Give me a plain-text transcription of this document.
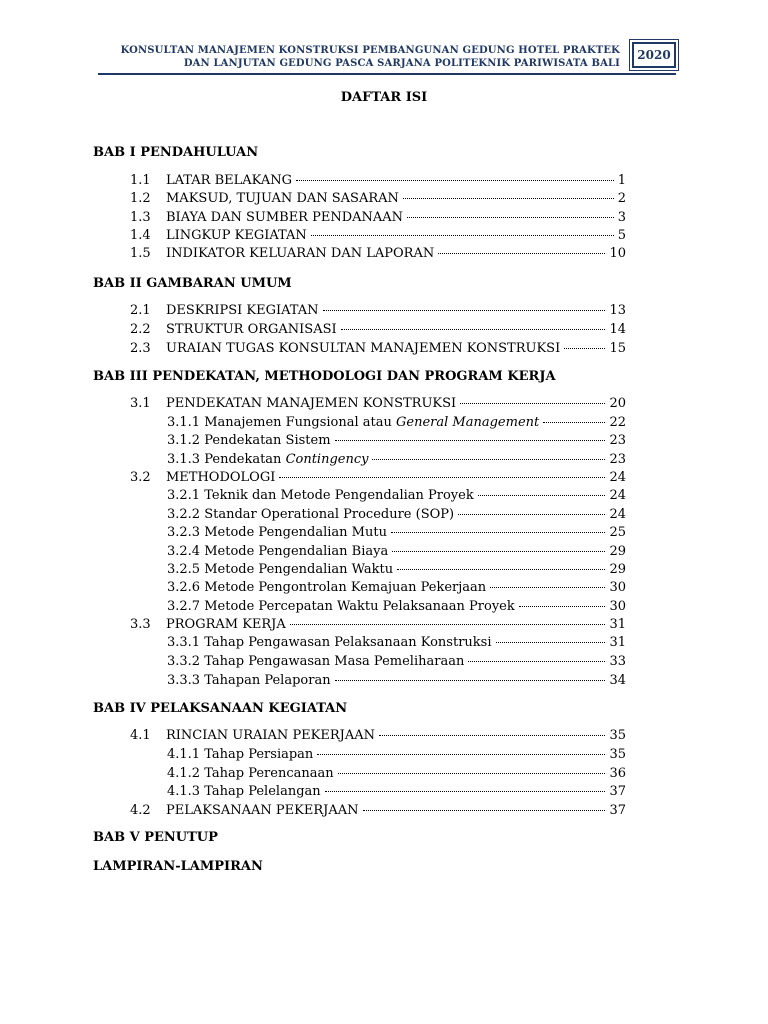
KONSULTAN MANAJEMEN KONSTRUKSI PEMBANGUNAN GEDUNG HOTEL PRAKTEK
DAN LANJUTAN GEDUNG PASCA SARJANA POLITEKNIK PARIWISATA BALI
2020
DAFTAR ISI
BAB I PENDAHULUAN
BAB II GAMBARAN UMUM
BAB III PENDEKATAN, METHODOLOGI DAN PROGRAM KERJA
BAB IV PELAKSANAAN KEGIATAN
BAB V PENUTUP
LAMPIRAN-LAMPIRAN
1.1 LATAR BELAKANG	1
1.2 MAKSUD, TUJUAN DAN SASARAN	2
1.3 BIAYA DAN SUMBER PENDANAAN	3
1.4 LINGKUP KEGIATAN	5
1.5 INDIKATOR KELUARAN DAN LAPORAN	10
2.1 DESKRIPSI KEGIATAN	13
2.2 STRUKTUR ORGANISASI	14
2.3 URAIAN TUGAS KONSULTAN MANAJEMEN KONSTRUKSI	15
3.1 PENDEKATAN MANAJEMEN KONSTRUKSI	20
3.1.1 Manajemen Fungsional atau General Management	22
3.1.2 Pendekatan Sistem	23
3.1.3 Pendekatan Contingency	23
3.2 METHODOLOGI	24
3.2.1 Teknik dan Metode Pengendalian Proyek	24
3.2.2 Standar Operational Procedure (SOP)	24
3.2.3 Metode Pengendalian Mutu	25
3.2.4 Metode Pengendalian Biaya	29
3.2.5 Metode Pengendalian Waktu	29
3.2.6 Metode Pengontrolan Kemajuan Pekerjaan	30
3.2.7 Metode Percepatan Waktu Pelaksanaan Proyek	30
3.3 PROGRAM KERJA	31
3.3.1 Tahap Pengawasan Pelaksanaan Konstruksi	31
3.3.2 Tahap Pengawasan Masa Pemeliharaan	33
3.3.3 Tahapan Pelaporan	34
4.1 RINCIAN URAIAN PEKERJAAN	35
4.1.1 Tahap Persiapan	35
4.1.2 Tahap Perencanaan	36
4.1.3 Tahap Pelelangan	37
4.2 PELAKSANAAN PEKERJAAN	37
